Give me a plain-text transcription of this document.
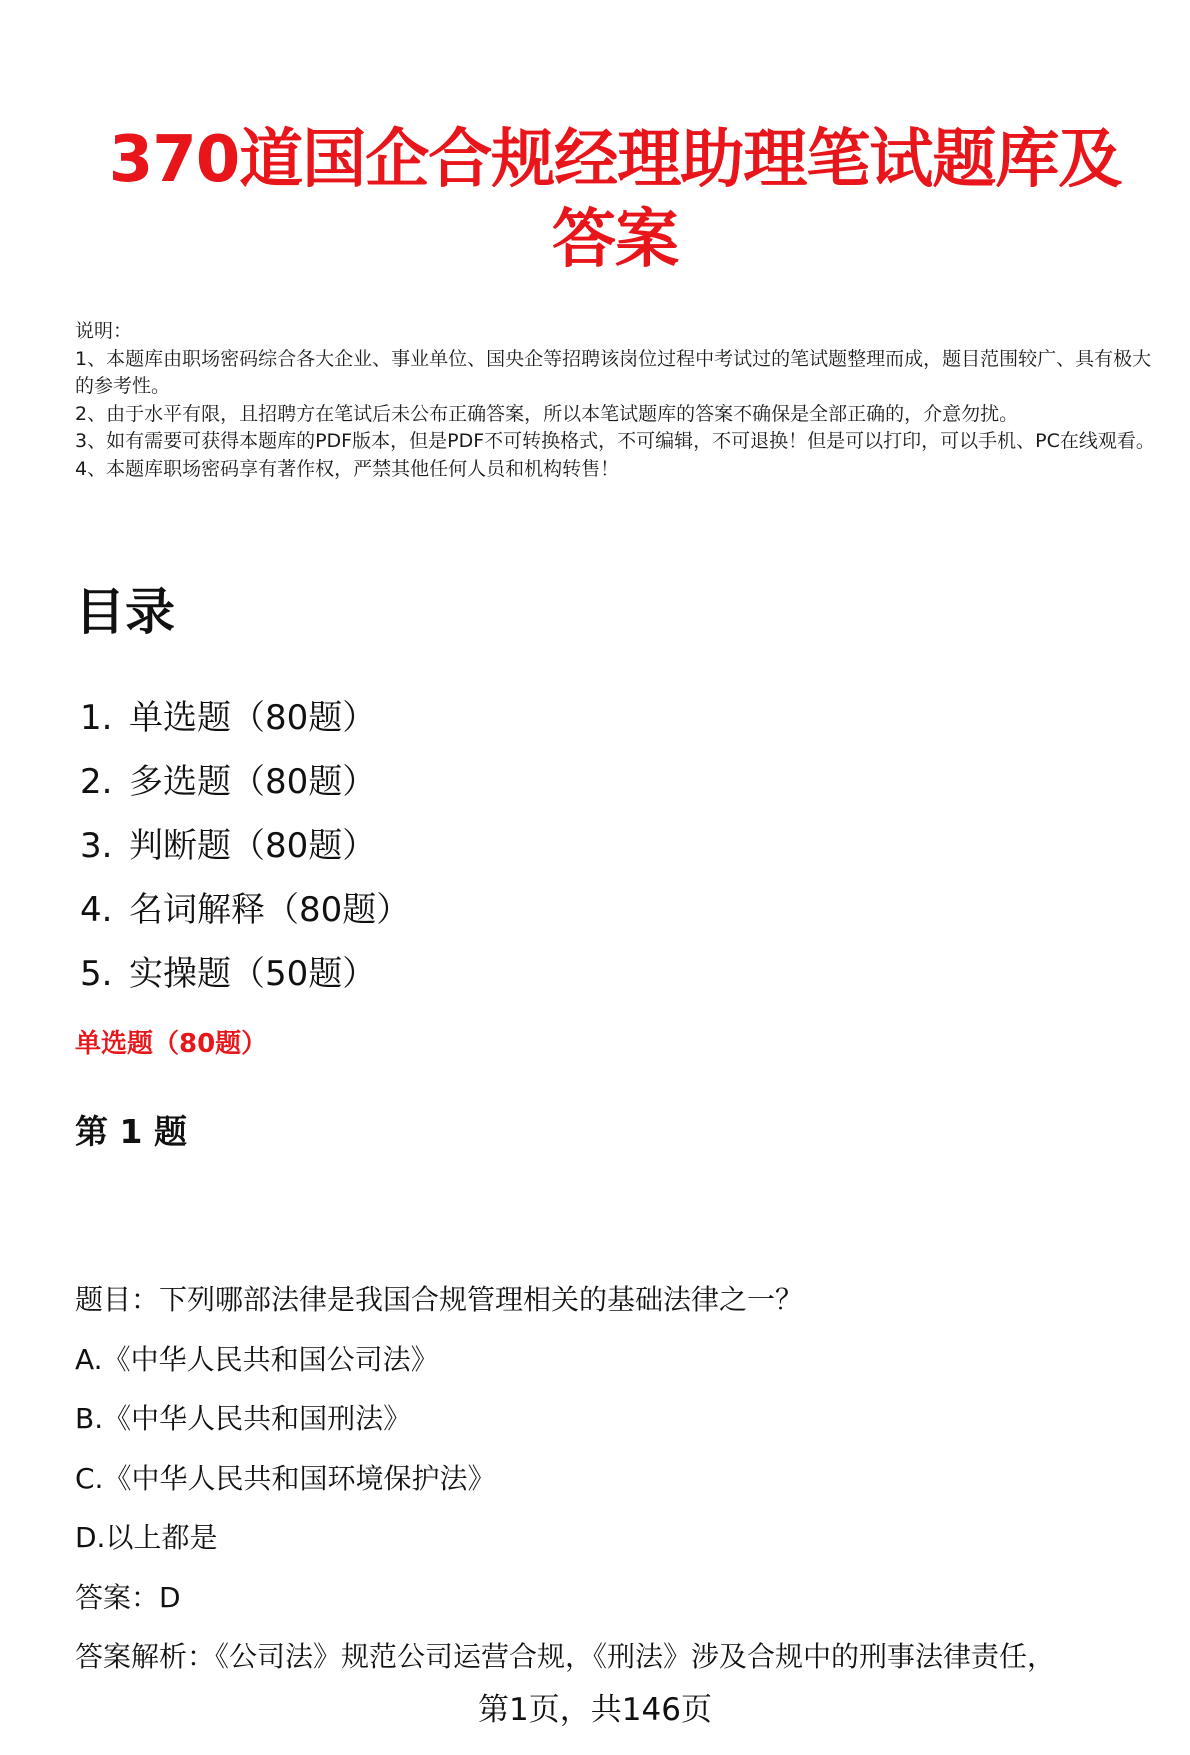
370道国企合规经理助理笔试题库及
答案

说明：

1、本题库由职场密码综合各大企业、事业单位、国央企等招聘该岗位过程中考试过的笔试题整理而成，题目范围较广、具有极大的参考性。

2、由于水平有限，且招聘方在笔试后未公布正确答案，所以本笔试题库的答案不确保是全部正确的，介意勿扰。

3、如有需要可获得本题库的PDF版本，但是PDF不可转换格式，不可编辑，不可退换！但是可以打印，可以手机、PC在线观看。

4、本题库职场密码享有著作权，严禁其他任何人员和机构转售！

目录
1. 单选题（80题）
2. 多选题（80题）
3. 判断题（80题）
4. 名词解释（80题）
5. 实操题（50题）
单选题（80题）
第 1 题

题目：下列哪部法律是我国合规管理相关的基础法律之一？

A.《中华人民共和国公司法》

B.《中华人民共和国刑法》

C.《中华人民共和国环境保护法》

D.以上都是

答案：D

答案解析：《公司法》规范公司运营合规，《刑法》涉及合规中的刑事法律责任，

第1页，共146页
